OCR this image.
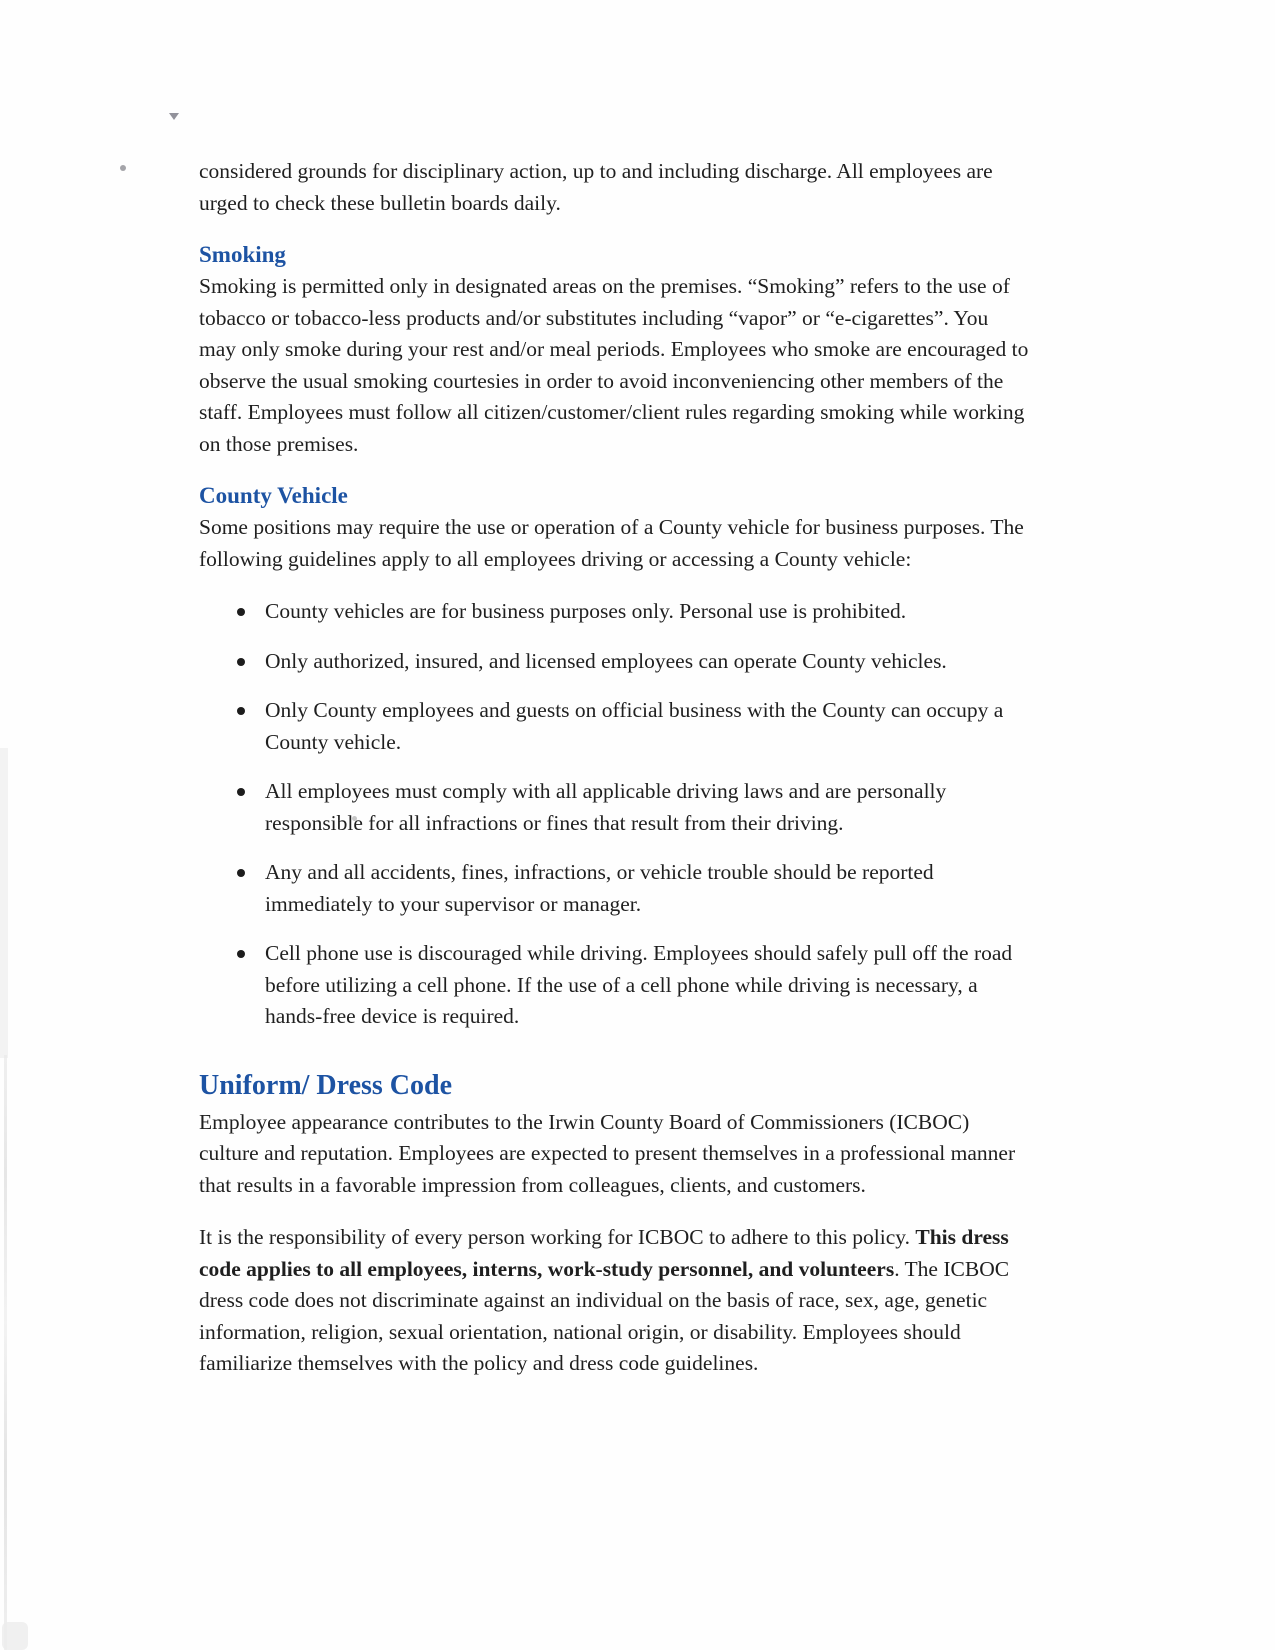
considered grounds for disciplinary action, up to and including discharge. All employees are urged to check these bulletin boards daily.

Smoking

Smoking is permitted only in designated areas on the premises. “Smoking” refers to the use of tobacco or tobacco-less products and/or substitutes including “vapor” or “e-cigarettes”. You may only smoke during your rest and/or meal periods. Employees who smoke are encouraged to observe the usual smoking courtesies in order to avoid inconveniencing other members of the staff. Employees must follow all citizen/customer/client rules regarding smoking while working on those premises.

County Vehicle

Some positions may require the use or operation of a County vehicle for business purposes. The following guidelines apply to all employees driving or accessing a County vehicle:

County vehicles are for business purposes only. Personal use is prohibited.
Only authorized, insured, and licensed employees can operate County vehicles.
Only County employees and guests on official business with the County can occupy a County vehicle.
All employees must comply with all applicable driving laws and are personally responsible for all infractions or fines that result from their driving.
Any and all accidents, fines, infractions, or vehicle trouble should be reported immediately to your supervisor or manager.
Cell phone use is discouraged while driving. Employees should safely pull off the road before utilizing a cell phone. If the use of a cell phone while driving is necessary, a hands-free device is required.
Uniform/ Dress Code

Employee appearance contributes to the Irwin County Board of Commissioners (ICBOC) culture and reputation. Employees are expected to present themselves in a professional manner that results in a favorable impression from colleagues, clients, and customers.

It is the responsibility of every person working for ICBOC to adhere to this policy. This dress code applies to all employees, interns, work-study personnel, and volunteers. The ICBOC dress code does not discriminate against an individual on the basis of race, sex, age, genetic information, religion, sexual orientation, national origin, or disability. Employees should familiarize themselves with the policy and dress code guidelines.
